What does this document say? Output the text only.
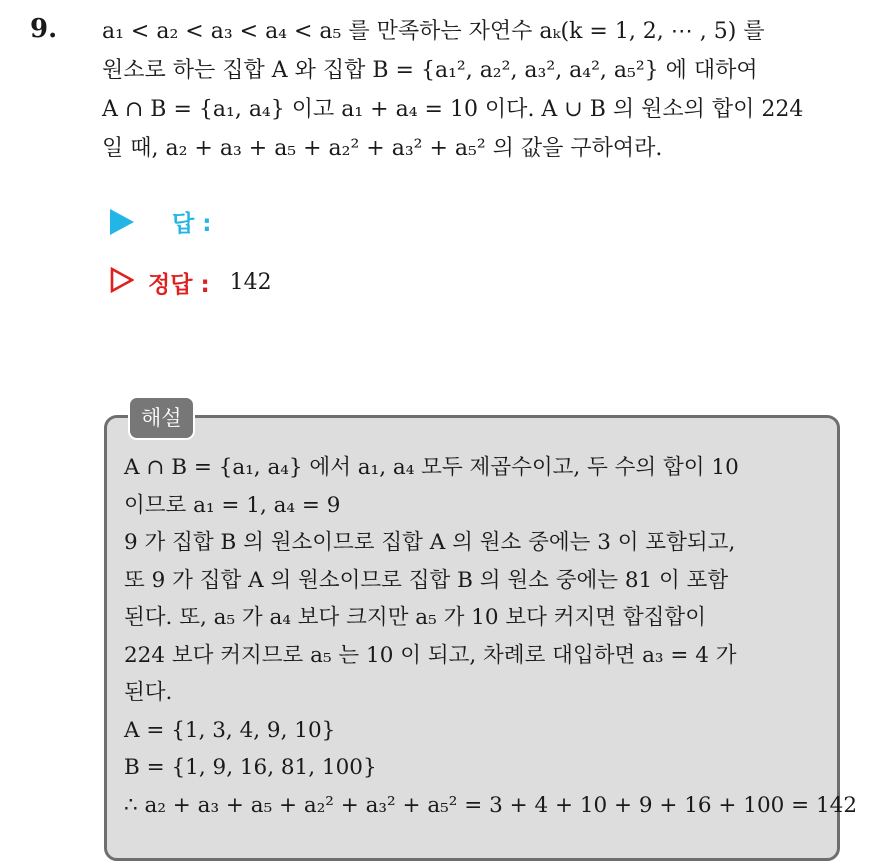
9. a₁ < a₂ < a₃ < a₄ < a₅ 를 만족하는 자연수 aₖ(k = 1, 2, ⋯ , 5) 를
원소로 하는 집합 A 와 집합 B = {a₁², a₂², a₃², a₄², a₅²} 에 대하여
A ∩ B = {a₁, a₄} 이고 a₁ + a₄ = 10 이다. A ∪ B 의 원소의 합이 224
일 때, a₂ + a₃ + a₅ + a₂² + a₃² + a₅² 의 값을 구하여라.
답 :
정답 : 142
해설
A ∩ B = {a₁, a₄} 에서 a₁, a₄ 모두 제곱수이고, 두 수의 합이 10
이므로 a₁ = 1, a₄ = 9
9 가 집합 B 의 원소이므로 집합 A 의 원소 중에는 3 이 포함되고,
또 9 가 집합 A 의 원소이므로 집합 B 의 원소 중에는 81 이 포함
된다. 또, a₅ 가 a₄ 보다 크지만 a₅ 가 10 보다 커지면 합집합이
224 보다 커지므로 a₅ 는 10 이 되고, 차례로 대입하면 a₃ = 4 가
된다.
A = {1, 3, 4, 9, 10}
B = {1, 9, 16, 81, 100}
∴ a₂ + a₃ + a₅ + a₂² + a₃² + a₅² = 3 + 4 + 10 + 9 + 16 + 100 = 142
